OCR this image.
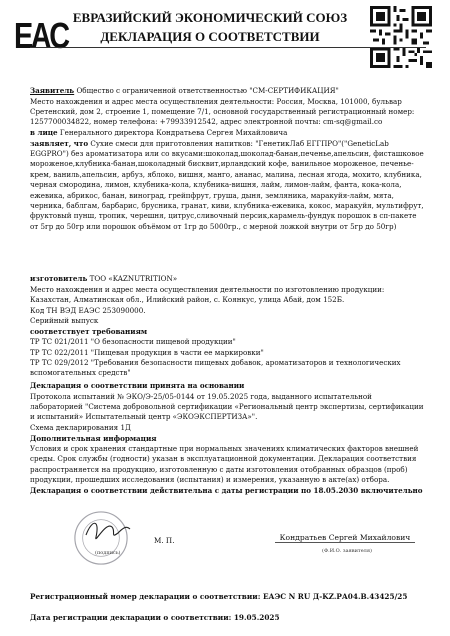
EAC ЕВРАЗИЙСКИЙ ЭКОНОМИЧЕСКИЙ СОЮЗ
ДЕКЛАРАЦИЯ О СООТВЕТСТВИИ

Заявитель Общество с ограниченной ответственностью "СМ-СЕРТИФИКАЦИЯ"

Место нахождения и адрес места осуществления деятельности: Россия, Москва, 101000, бульвар Сретенский, дом 2, строение 1, помещение 7/1, основной государственный регистрационный номер: 1257700034822, номер телефона: +79933912542, адрес электронной почты: cm-sq@gmail.co

в лице Генерального директора Кондратьева Сергея Михайловича

заявляет, что Сухие смеси для приготовления напитков: "ГенетикЛаб ЕГГПРО"("GeneticLab EGGPRO") без ароматизатора или со вкусами:шоколад,шоколад-банан,печенье,апельсин, фисташковое мороженое,клубника-банан,шоколадный бисквит,ирландский кофе, ванильное мороженое, печенье-крем, ваниль,апельсин, арбуз, яблоко, вишня, манго, ананас, малина, лесная ягода, мохито, клубника, черная смородина, лимон, клубника-кола, клубника-вишня, лайм, лимон-лайм, фанта, кока-кола, ежевика, абрикос, банан, виноград, грейпфрут, груша, дыня, земляника, маракуйя-лайм, мята, черника, баблгам, барбарис, брусника, гранат, киви, клубника-ежевика, кокос, маракуйя, мультифрут, фруктовый пунш, тропик, черешня, цитрус,сливочный персик,карамель-фундук порошок в сп-пакете от 5гр до 50гр или порошок объёмом от 1гр до 5000гр., с мерной ложкой внутри от 5гр до 50гр)

изготовитель ТОО «KAZNUTRITION»

Место нахождения и адрес места осуществления деятельности по изготовлению продукции: Казахстан, Алматинская обл., Илийский район, с. Коянкус, улица Абай, дом 152Б.

Код ТН ВЭД ЕАЭС 253090000.

Серийный выпуск

соответствует требованиям

ТР ТС 021/2011 "О безопасности пищевой продукции"

ТР ТС 022/2011 "Пищевая продукция в части ее маркировки"

ТР ТС 029/2012 "Требования безопасности пищевых добавок, ароматизаторов и технологических вспомогательных средств"

Декларация о соответствии принята на основании

Протокола испытаний № ЭКО/Э-25/05-0144 от 19.05.2025 года, выданного испытательной лабораторией "Система добровольной сертификации «Региональный центр экспертизы, сертификации и испытаний» Испытательный центр «ЭКОЭКСПЕРТИЗА»".

Схема декларирования 1Д

Дополнительная информация

Условия и срок хранения стандартные при нормальных значениях климатических факторов внешней среды. Срок службы (годности) указан в эксплуатационной документации. Декларация соответствия распространяется на продукцию, изготовленную с даты изготовления отобранных образцов (проб) продукции, прошедших исследования (испытания) и измерения, указанную в акте(ах) отбора.

Декларация о соответствии действительна с даты регистрации по 18.05.2030 включительно

(подпись)
М. П.	Кондратьев Сергей Михайлович
(Ф.И.О. заявителя)
Регистрационный номер декларации о соответствии: ЕАЭС N RU Д-KZ.РА04.В.43425/25
Дата регистрации декларации о соответствии: 19.05.2025
